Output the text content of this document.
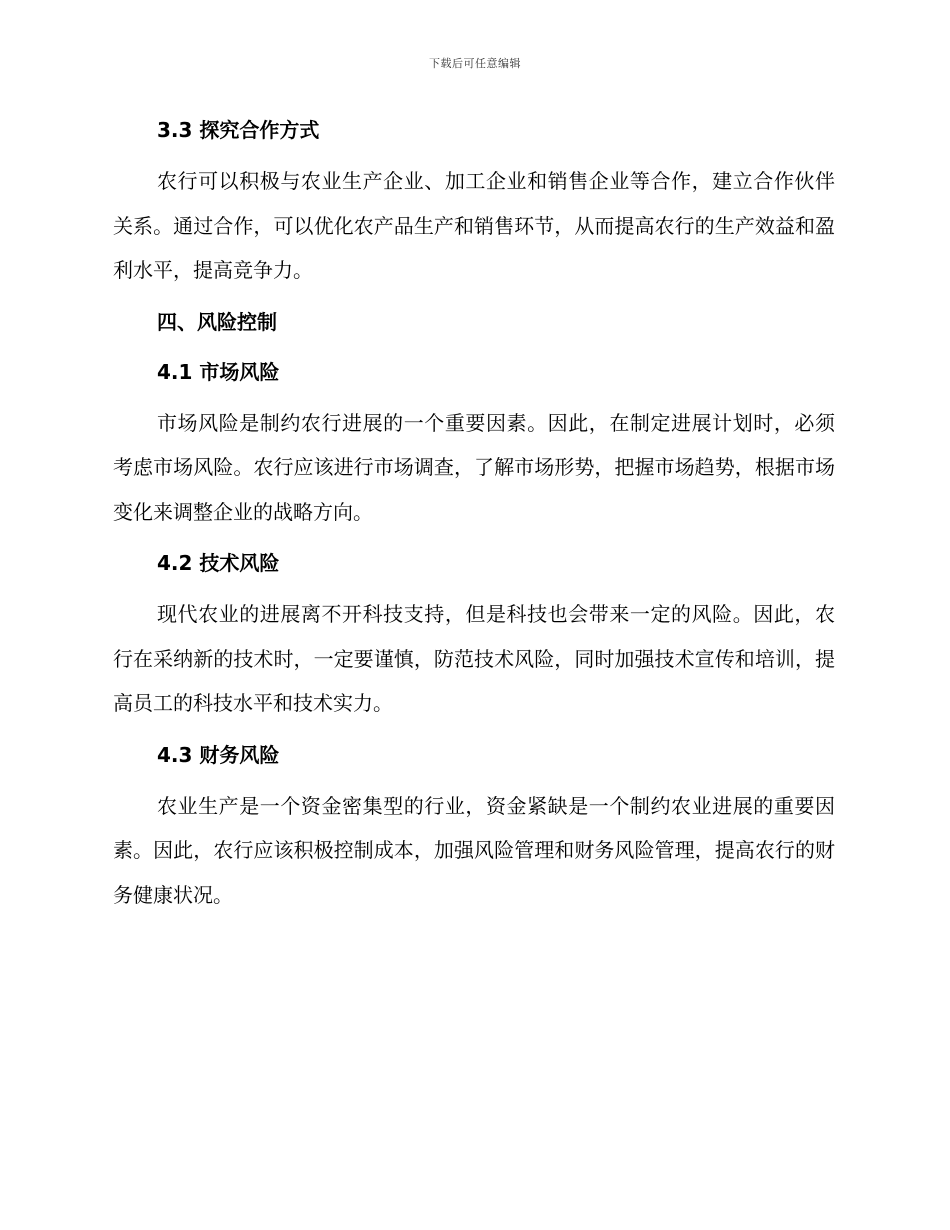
下载后可任意编辑
3.3 探究合作方式

农行可以积极与农业生产企业、加工企业和销售企业等合作，建立合作伙伴关系。通过合作，可以优化农产品生产和销售环节，从而提高农行的生产效益和盈利水平，提高竞争力。

四、风险控制
4.1 市场风险

市场风险是制约农行进展的一个重要因素。因此，在制定进展计划时，必须考虑市场风险。农行应该进行市场调查，了解市场形势，把握市场趋势，根据市场变化来调整企业的战略方向。

4.2 技术风险

现代农业的进展离不开科技支持，但是科技也会带来一定的风险。因此，农行在采纳新的技术时，一定要谨慎，防范技术风险，同时加强技术宣传和培训，提高员工的科技水平和技术实力。

4.3 财务风险

农业生产是一个资金密集型的行业，资金紧缺是一个制约农业进展的重要因素。因此，农行应该积极控制成本，加强风险管理和财务风险管理，提高农行的财务健康状况。
